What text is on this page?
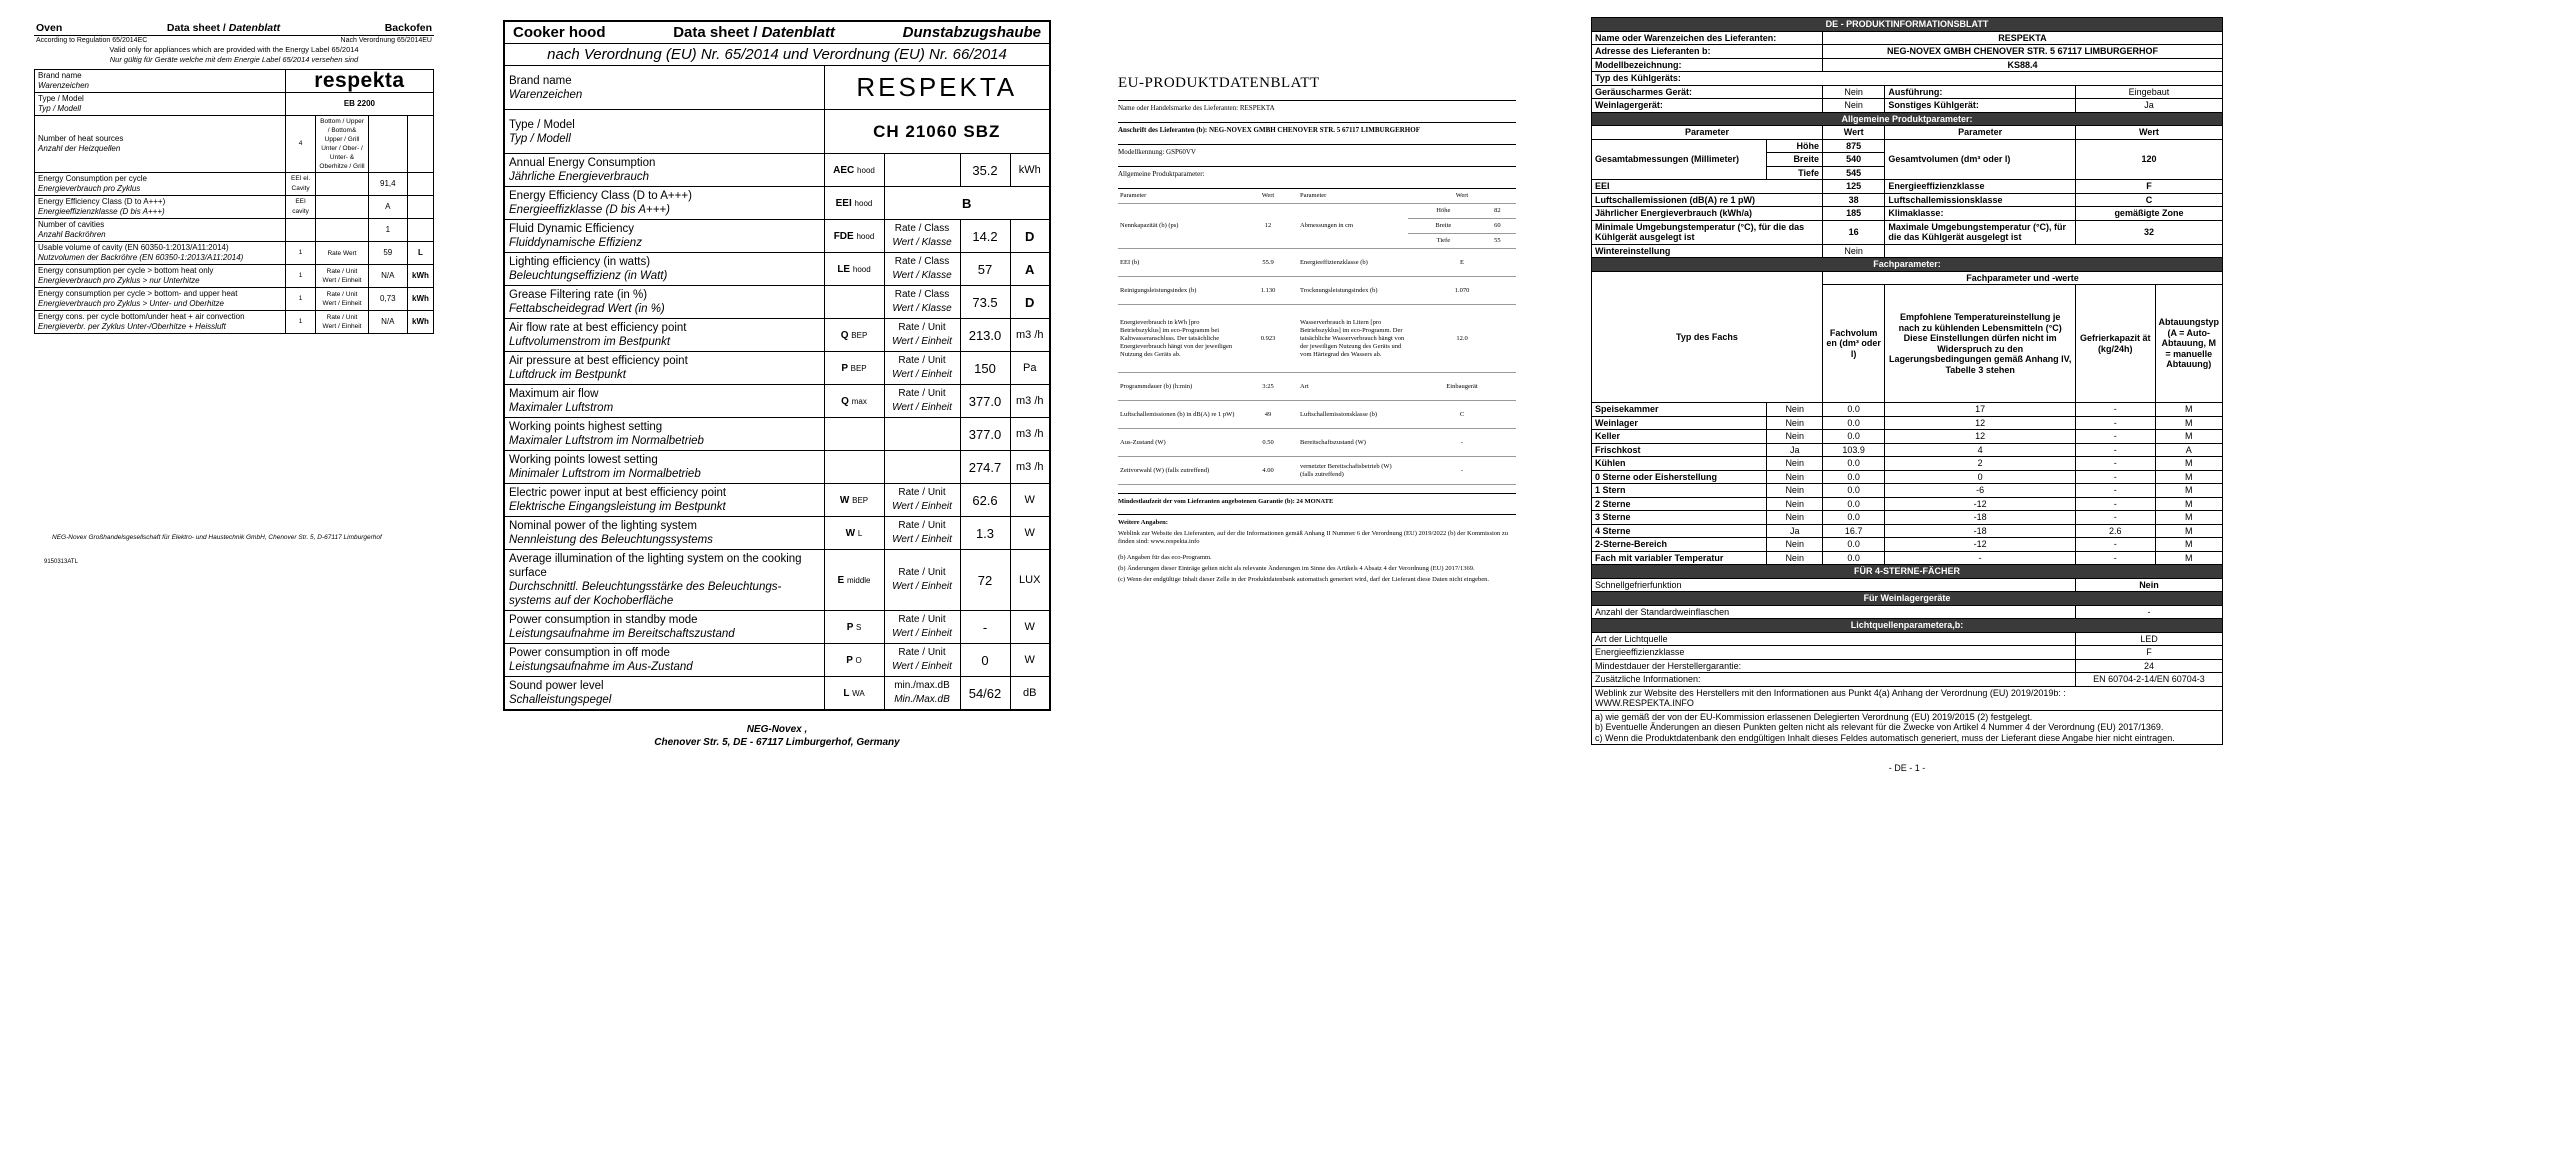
Oven	Data sheet / Datenblatt	Backofen
According to Regulation 65/2014EC	Nach Verordnung 65/2014EU
Valid only for appliances which are provided with the Energy Label 65/2014
Nur gültig für Geräte welche mit dem Energie Label 65/2014 versehen sind
Brand name
Warenzeichen	respekta			
Type / Model
Typ / Modell	EB 2200			
Number of heat sources
Anzahl der Heizquellen	4	Bottom / Upper / Bottom& Upper / Grill Unter / Ober- / Unter- & Oberhitze / Grill		
Energy Consumption per cycle
Energieverbrauch pro Zyklus	EEI el. Cavity		91,4	
Energy Efficiency Class (D to A+++)
Energieeffizienzklasse (D bis A+++)	EEI cavity		A	
Number of cavities
Anzahl Backröhren			1	
Usable volume of cavity (EN 60350-1:2013/A11:2014)
Nutzvolumen der Backröhre (EN 60350-1:2013/A11:2014)	1	Rate Wert	59	L
Energy consumption per cycle > bottom heat only
Energieverbrauch pro Zyklus > nur Unterhitze	1	Rate / Unit Wert / Einheit	N/A	kWh
Energy consumption per cycle > bottom- and upper heat
Energieverbrauch pro Zyklus > Unter- und Oberhitze	1	Rate / Unit Wert / Einheit	0,73	kWh
Energy cons. per cycle bottom/under heat + air convection
Energieverbr. per Zyklus Unter-/Oberhitze + Heissluft	1	Rate / Unit Wert / Einheit	N/A	kWh
NEG-Novex Großhandelsgesellschaft für Elektro- und Haustechnik GmbH, Chenover Str. 5, D-67117 Limburgerhof
9150313ATL
Cooker hood Data sheet / Datenblatt Dunstabzugshaube				

nach Verordnung (EU) Nr. 65/2014 und Verordnung (EU) Nr. 66/2014				
Brand name
Warenzeichen	RESPEKTA			
Type / Model
Typ / Modell	CH 21060 SBZ			
Annual Energy Consumption
Jährliche Energieverbrauch	AEC hood		35.2	kWh
Energy Efficiency Class (D to A+++)
Energieeffizklasse (D bis A+++)	EEI hood	B		
Fluid Dynamic Efficiency
Fluiddynamische Effizienz	FDE hood	Rate / Class
Wert / Klasse	14.2	D
Lighting efficiency (in watts)
Beleuchtungseffizienz (in Watt)	LE hood	Rate / Class
Wert / Klasse	57	A
Grease Filtering rate (in %)
Fettabscheidegrad Wert (in %)		Rate / Class
Wert / Klasse	73.5	D
Air flow rate at best efficiency point
Luftvolumenstrom im Bestpunkt	Q BEP	Rate / Unit
Wert / Einheit	213.0	m3 /h
Air pressure at best efficiency point
Luftdruck im Bestpunkt	P BEP	Rate / Unit
Wert / Einheit	150	Pa
Maximum air flow
Maximaler Luftstrom	Q max	Rate / Unit
Wert / Einheit	377.0	m3 /h
Working points highest setting
Maximaler Luftstrom im Normalbetrieb			377.0	m3 /h
Working points lowest setting
Minimaler Luftstrom im Normalbetrieb			274.7	m3 /h
Electric power input at best efficiency point
Elektrische Eingangsleistung im Bestpunkt	W BEP	Rate / Unit
Wert / Einheit	62.6	W
Nominal power of the lighting system
Nennleistung des Beleuchtungssystems	W L	Rate / Unit
Wert / Einheit	1.3	W
Average illumination of the lighting system on the cooking surface
Durchschnittl. Beleuchtungsstärke des Beleuchtungs-systems auf der Kochoberfläche	E middle	Rate / Unit
Wert / Einheit	72	LUX
Power consumption in standby mode
Leistungsaufnahme im Bereitschaftszustand	P S	Rate / Unit
Wert / Einheit	-	W
Power consumption in off mode
Leistungsaufnahme im Aus-Zustand	P O	Rate / Unit
Wert / Einheit	0	W
Sound power level
Schalleistungspegel	L WA	min./max.dB
Min./Max.dB	54/62	dB
NEG-Novex ,
Chenover Str. 5, DE - 67117 Limburgerhof, Germany
EU-PRODUKTDATENBLATT
Name oder Handelsmarke des Lieferanten: RESPEKTA
Anschrift des Lieferanten (b): NEG-NOVEX GMBH CHENOVER STR. 5 67117 LIMBURGERHOF
Modellkennung: GSP60VV
Allgemeine Produktparameter:
Parameter	Wert	Parameter	Wert	
Nennkapazität (b) (ps)	12	Abmessungen in cm	Höhe	82
			Breite	60
			Tiefe	55
EEI (b)	55.9	Energieeffizienzklasse (b)	E	
Reinigungsleistungsindex (b)	1.130	Trocknungsleistungsindex (b)	1.070	
Energieverbrauch in kWh [pro Betriebszyklus] im eco-Programm bei Kaltwasseranschluss. Der tatsächliche Energieverbrauch hängt von der jeweiligen Nutzung des Geräts ab.	0.923	Wasserverbrauch in Litern [pro Betriebszyklus] im eco-Programm. Der tatsächliche Wasserverbrauch hängt von der jeweiligen Nutzung des Geräts und vom Härtegrad des Wassers ab.	12.0	
Programmdauer (b) (h:min)	3:25	Art	Einbaugerät	
Luftschallemissionen (b) in dB(A) re 1 pW)	49	Luftschallemissionsklasse (b)	C	
Aus-Zustand (W)	0.50	Bereitschaftszustand (W)	-	
Zeitvorwahl (W) (falls zutreffend)	4.00	vernetzter Bereitschaftsbetrieb (W) (falls zutreffend)	-	
Mindestlaufzeit der vom Lieferanten angebotenen Garantie (b): 24 MONATE
Weitere Angaben:
Weblink zur Website des Lieferanten, auf der die Informationen gemäß Anhang II Nummer 6 der Verordnung (EU) 2019/2022 (b) der Kommission zu finden sind: www.respekta.info
(b) Angaben für das eco-Programm.
(b) Änderungen dieser Einträge gelten nicht als relevante Änderungen im Sinne des Artikels 4 Absatz 4 der Verordnung (EU) 2017/1369.
(c) Wenn der endgültige Inhalt dieser Zelle in der Produktdatenbank automatisch generiert wird, darf der Lieferant diese Daten nicht eingeben.
DE - PRODUKTINFORMATIONSBLATT					
Name oder Warenzeichen des Lieferanten:		RESPEKTA			
Adresse des Lieferanten b:		NEG-NOVEX GMBH CHENOVER STR. 5 67117 LIMBURGERHOF			
Modellbezeichnung:		KS88.4			
Typ des Kühlgeräts:					
Geräuscharmes Gerät:		Nein	Ausführung:	Eingebaut	
Weinlagergerät:		Nein	Sonstiges Kühlgerät:	Ja	
Allgemeine Produktparameter:					
Parameter		Wert	Parameter	Wert	
Gesamtabmessungen (Millimeter)	Höhe	875	Gesamtvolumen (dm³ oder l)	120	
	Breite	540			
	Tiefe	545			
EEI		125	Energieeffizienzklasse	F	
Luftschallemissionen (dB(A) re 1 pW)		38	Luftschallemissionsklasse	C	
Jährlicher Energieverbrauch (kWh/a)		185	Klimaklasse:	gemäßigte Zone	
Minimale Umgebungstemperatur (°C), für die das Kühlgerät ausgelegt ist		16	Maximale Umgebungstemperatur (°C), für die das Kühlgerät ausgelegt ist	32	
Wintereinstellung		Nein			
Fachparameter:					
Typ des Fachs		Fachparameter und -werte			
		Fachvolum en (dm³ oder l)	Empfohlene Temperatureinstellung je nach zu kühlenden Lebensmitteln (°C) Diese Einstellungen dürfen nicht im Widerspruch zu den Lagerungsbedingungen gemäß Anhang IV, Tabelle 3 stehen	Gefrierkapazit ät (kg/24h)	Abtauungstyp (A = Auto-Abtauung, M = manuelle Abtauung)
Speisekammer	Nein	0.0	17	-	M
Weinlager	Nein	0.0	12	-	M
Keller	Nein	0.0	12	-	M
Frischkost	Ja	103.9	4	-	A
Kühlen	Nein	0.0	2	-	M
0 Sterne oder Eisherstellung	Nein	0.0	0	-	M
1 Stern	Nein	0.0	-6	-	M
2 Sterne	Nein	0.0	-12	-	M
3 Sterne	Nein	0.0	-18	-	M
4 Sterne	Ja	16.7	-18	2.6	M
2-Sterne-Bereich	Nein	0.0	-12	-	M
Fach mit variabler Temperatur	Nein	0.0	-	-	M
FÜR 4-STERNE-FÄCHER					
Schnellgefrierfunktion				Nein	
Für Weinlagergeräte					
Anzahl der Standardweinflaschen				-	
Lichtquellenparametera,b:					
Art der Lichtquelle				LED	
Energieeffizienzklasse				F	
Mindestdauer der Herstellergarantie:				24	
Zusätzliche Informationen:				EN 60704-2-14/EN 60704-3	

Weblink zur Website des Herstellers mit den Informationen aus Punkt 4(a) Anhang der Verordnung (EU) 2019/2019b: :
WWW.RESPEKTA.INFO					

a) wie gemäß der von der EU-Kommission erlassenen Delegierten Verordnung (EU) 2019/2015 (2) festgelegt.
b) Eventuelle Änderungen an diesen Punkten gelten nicht als relevant für die Zwecke von Artikel 4 Nummer 4 der Verordnung (EU) 2017/1369.
c) Wenn die Produktdatenbank den endgültigen Inhalt dieses Feldes automatisch generiert, muss der Lieferant diese Angabe hier nicht eintragen.					
- DE - 1 -
